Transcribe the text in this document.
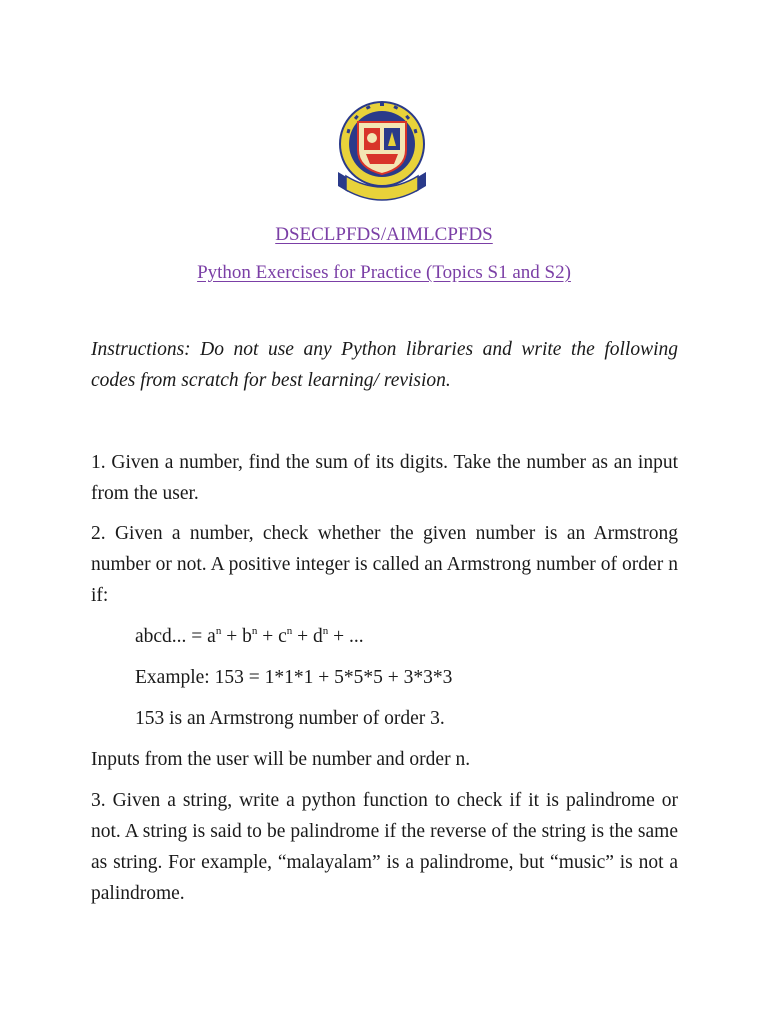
DSECLPFDS/AIMLCPFDS
Python Exercises for Practice (Topics S1 and S2)
Instructions: Do not use any Python libraries and write the following codes from scratch for best learning/ revision.
1. Given a number, find the sum of its digits. Take the number as an input from the user.
2. Given a number, check whether the given number is an Armstrong number or not. A positive integer is called an Armstrong number of order n if:
abcd... = $a^n + b^n + c^n + d^n$ + ...
Example: 153 = 1*1*1 + 5*5*5 + 3*3*3
153 is an Armstrong number of order 3.
Inputs from the user will be number and order n.
3. Given a string, write a python function to check if it is palindrome or not. A string is said to be palindrome if the reverse of the string is the same as string. For example, “malayalam” is a palindrome, but “music” is not a palindrome.
